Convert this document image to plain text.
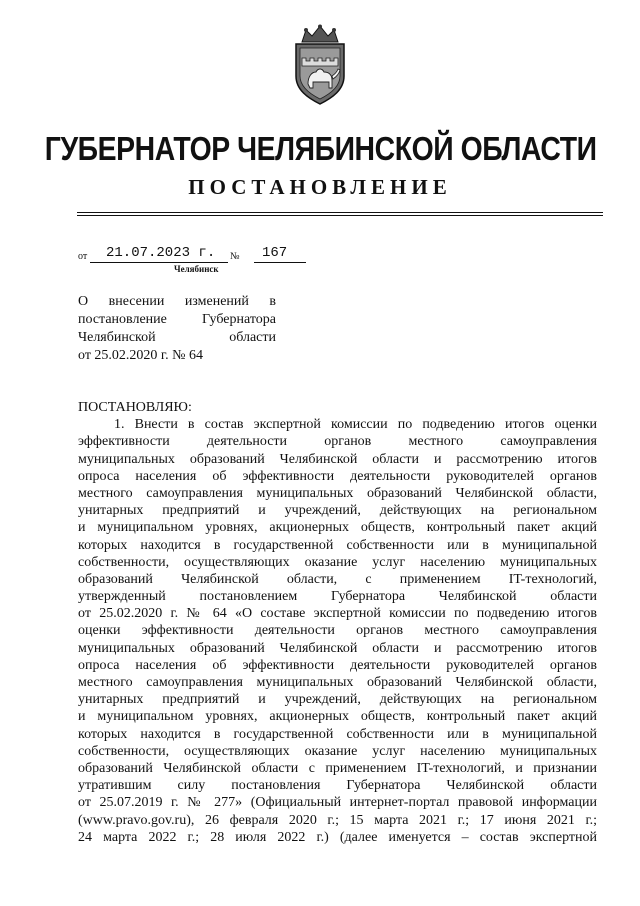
ГУБЕРНАТОР ЧЕЛЯБИНСКОЙ ОБЛАСТИ
ПОСТАНОВЛЕНИЕ
от	21.07.2023 г.	№	167
Челябинск
О внесении изменений в
постановление Губернатора
Челябинской области
от 25.02.2020 г. № 64
ПОСТАНОВЛЯЮ:
1. Внести в состав экспертной комиссии по подведению итогов оценки
эффективности деятельности органов местного самоуправления
муниципальных образований Челябинской области и рассмотрению итогов
опроса населения об эффективности деятельности руководителей органов
местного самоуправления муниципальных образований Челябинской области,
унитарных предприятий и учреждений, действующих на региональном
и муниципальном уровнях, акционерных обществ, контрольный пакет акций
которых находится в государственной собственности или в муниципальной
собственности, осуществляющих оказание услуг населению муниципальных
образований Челябинской области, с применением IT-технологий,
утвержденный постановлением Губернатора Челябинской области
от 25.02.2020 г. № 64 «О составе экспертной комиссии по подведению итогов
оценки эффективности деятельности органов местного самоуправления
муниципальных образований Челябинской области и рассмотрению итогов
опроса населения об эффективности деятельности руководителей органов
местного самоуправления муниципальных образований Челябинской области,
унитарных предприятий и учреждений, действующих на региональном
и муниципальном уровнях, акционерных обществ, контрольный пакет акций
которых находится в государственной собственности или в муниципальной
собственности, осуществляющих оказание услуг населению муниципальных
образований Челябинской области с применением IT-технологий, и признании
утратившим силу постановления Губернатора Челябинской области
от 25.07.2019 г. № 277» (Официальный интернет-портал правовой информации
(www.pravo.gov.ru), 26 февраля 2020 г.; 15 марта 2021 г.; 17 июня 2021 г.;
24 марта 2022 г.; 28 июля 2022 г.) (далее именуется – состав экспертной
